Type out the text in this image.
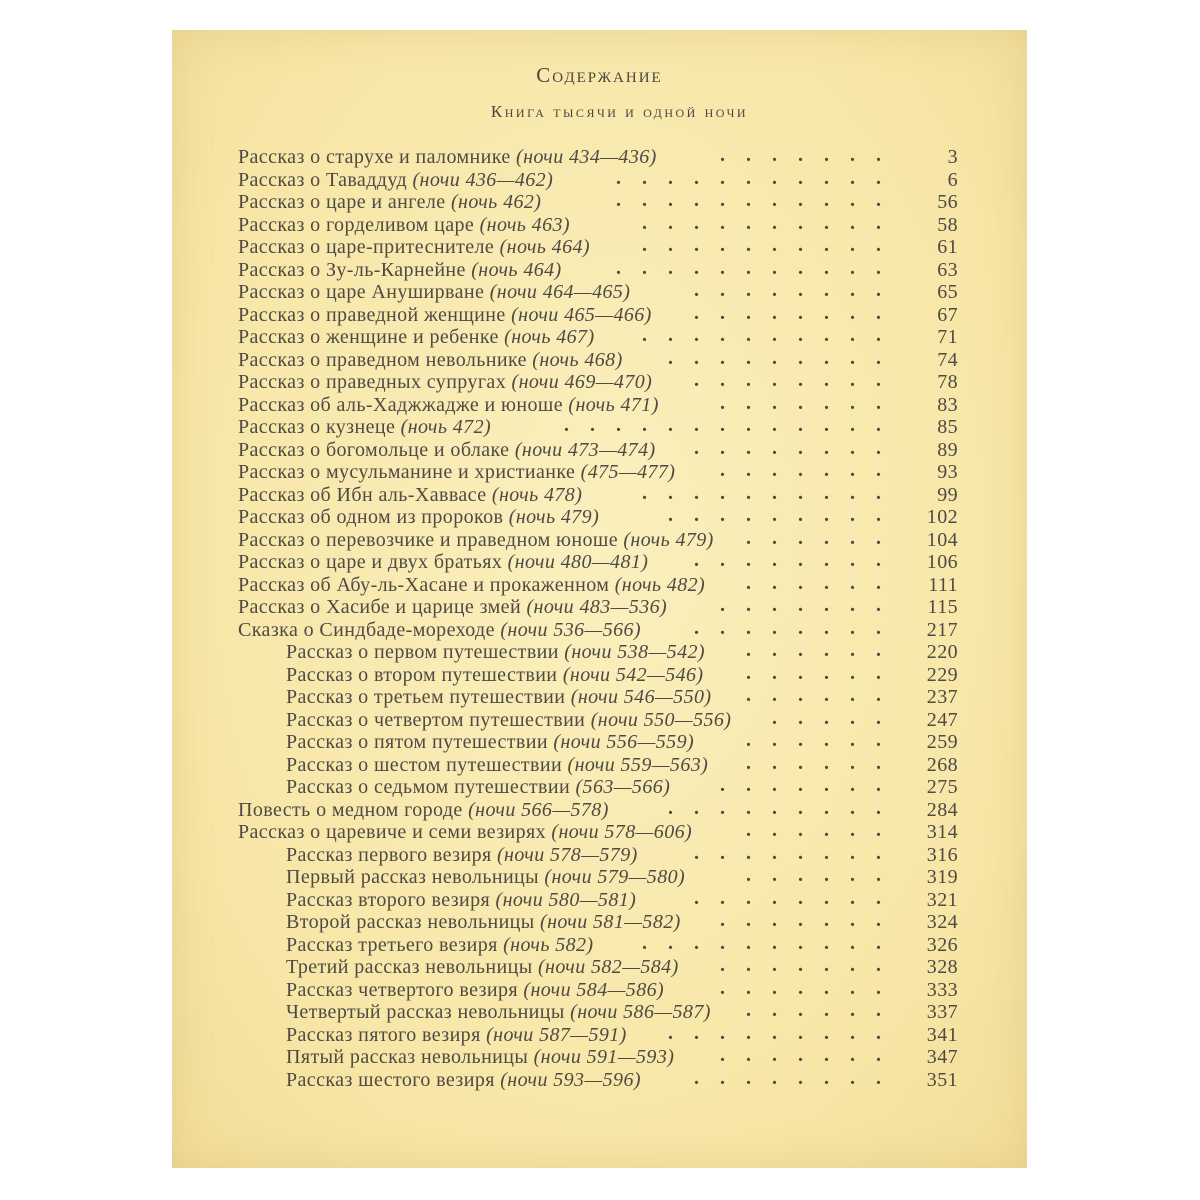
Содержание
Книга тысячи и одной ночи
Рассказ о старухе и паломнике (ночи 434—436)	.......	3
Рассказ о Таваддуд (ночи 436—462)	...........	6
Рассказ о царе и ангеле (ночь 462)	...........	56
Рассказ о горделивом царе (ночь 463)	..........	58
Рассказ о царе-притеснителе (ночь 464)	..........	61
Рассказ о Зу-ль-Карнейне (ночь 464)	...........	63
Рассказ о царе Ануширване (ночи 464—465)	........	65
Рассказ о праведной женщине (ночи 465—466) ........	67
Рассказ о женщине и ребенке (ночь 467) ..........	71
Рассказ о праведном невольнике (ночь 468) .........	74
Рассказ о праведных супругах (ночи 469—470) ........	78
Рассказ об аль-Хаджжадже и юноше (ночь 471)	.......	83
Рассказ о кузнеце (ночь 472)	.............	85
Рассказ о богомольце и облаке (ночи 473—474) ........	89
Рассказ о мусульманине и христианке (475—477) .......	93
Рассказ об Ибн аль-Хаввасе (ночь 478)	..........	99
Рассказ об одном из пророков (ночь 479)	.........	102
Рассказ о перевозчике и праведном юноше (ночь 479) ......	104
Рассказ о царе и двух братьях (ночи 480—481) ........	106
Рассказ об Абу-ль-Хасане и прокаженном (ночь 482) ......	111
Рассказ о Хасибе и царице змей (ночи 483—536)	.......	115
Сказка о Синдбаде-мореходе (ночи 536—566)	........	217
Рассказ о первом путешествии (ночи 538—542) ......	220
Рассказ о втором путешествии (ночи 542—546) ......	229
Рассказ о третьем путешествии (ночи 546—550) ......	237
Рассказ о четвертом путешествии (ночи 550—556) .....	247
Рассказ о пятом путешествии (ночи 556—559)	......	259
Рассказ о шестом путешествии (ночи 559—563) ......	268
Рассказ о седьмом путешествии (563—566) .......	275
Повесть о медном городе (ночи 566—578)	.........	284
Рассказ о царевиче и семи везирях (ночи 578—606)	......	314
Рассказ первого везиря (ночи 578—579)	........	316
Первый рассказ невольницы (ночи 579—580)	......	319
Рассказ второго везиря (ночи 580—581)	........	321
Второй рассказ невольницы (ночи 581—582) .......	324
Рассказ третьего везиря (ночь 582) ..........	326
Третий рассказ невольницы (ночи 582—584) .......	328
Рассказ четвертого везиря (ночи 584—586)	.......	333
Четвертый рассказ невольницы (ночи 586—587) ......	337
Рассказ пятого везиря (ночи 587—591) .........	341
Пятый рассказ невольницы (ночи 591—593) .......	347
Рассказ шестого везиря (ночи 593—596)	........	351
